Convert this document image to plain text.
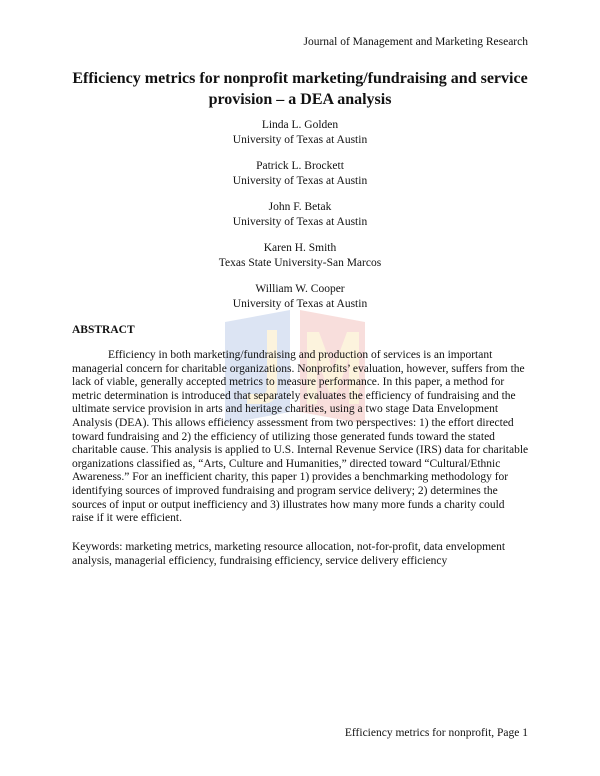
Journal of Management and Marketing Research
Efficiency metrics for nonprofit marketing/fundraising and service provision – a DEA analysis
Linda L. Golden
University of Texas at Austin
Patrick L. Brockett
University of Texas at Austin
John F. Betak
University of Texas at Austin
Karen H. Smith
Texas State University-San Marcos
William W. Cooper
University of Texas at Austin
ABSTRACT

Efficiency in both marketing/fundraising and production of services is an important managerial concern for charitable organizations. Nonprofits’ evaluation, however, suffers from the lack of viable, generally accepted metrics to measure performance. In this paper, a method for metric determination is introduced that separately evaluates the efficiency of fundraising and the ultimate service provision in arts and heritage charities, using a two stage Data Envelopment Analysis (DEA). This allows efficiency assessment from two perspectives: 1) the effort directed toward fundraising and 2) the efficiency of utilizing those generated funds toward the stated charitable cause. This analysis is applied to U.S. Internal Revenue Service (IRS) data for charitable organizations classified as, “Arts, Culture and Humanities,” directed toward “Cultural/Ethnic Awareness.” For an inefficient charity, this paper 1) provides a benchmarking methodology for identifying sources of improved fundraising and program service delivery; 2) determines the sources of input or output inefficiency and 3) illustrates how many more funds a charity could raise if it were efficient.

Keywords: marketing metrics, marketing resource allocation, not-for-profit, data envelopment analysis, managerial efficiency, fundraising efficiency, service delivery efficiency

Efficiency metrics for nonprofit, Page 1
